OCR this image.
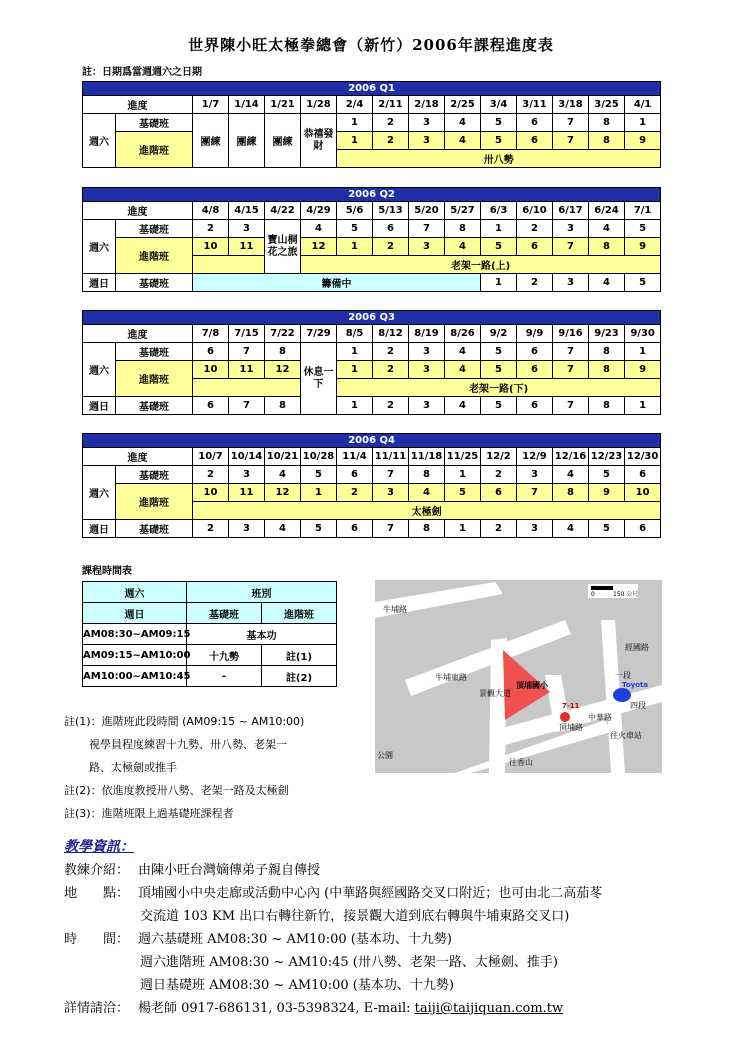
世界陳小旺太極拳總會（新竹）2006年課程進度表
註：日期爲當週週六之日期
2006 Q1														
進度		1/7	1/14	1/21	1/28	2/4	2/11	2/18	2/25	3/4	3/11	3/18	3/25	4/1
週六	基礎班	團練	團練	團練	恭禧發財	1	2	3	4	5	6	7	8	1
	進階班					1	2	3	4	5	6	7	8	9
						卅八勢								
2006 Q2														
進度		4/8	4/15	4/22	4/29	5/6	5/13	5/20	5/27	6/3	6/10	6/17	6/24	7/1
週六	基礎班	2	3	寶山桐花之旅	4	5	6	7	8	1	2	3	4	5
	進階班	10	11		12	1	2	3	4	5	6	7	8	9
					老架一路(上)									
週日	基礎班	籌備中								1	2	3	4	5
2006 Q3														
進度		7/8	7/15	7/22	7/29	8/5	8/12	8/19	8/26	9/2	9/9	9/16	9/23	9/30
週六	基礎班	6	7	8	休息一下	1	2	3	4	5	6	7	8	1
	進階班	10	11	12		1	2	3	4	5	6	7	8	9
						老架一路(下)								
週日	基礎班	6	7	8		1	2	3	4	5	6	7	8	1
2006 Q4														
進度		10/7	10/14	10/21	10/28	11/4	11/11	11/18	11/25	12/2	12/9	12/16	12/23	12/30
週六	基礎班	2	3	4	5	6	7	8	1	2	3	4	5	6
	進階班	10	11	12	1	2	3	4	5	6	7	8	9	10
		太極劍												
週日	基礎班	2	3	4	5	6	7	8	1	2	3	4	5	6
課程時間表
週六	班別	
週日	基礎班	進階班
AM08:30~AM09:15	基本功	
AM09:15~AM10:00	十九勢	註(1)
AM10:00~AM10:45	-	註(2)
註(1)：進階班此段時間 (AM09:15 ~ AM10:00)
視學員程度練習十九勢、卅八勢、老架一
路、太極劍或推手
註(2)：依進度教授卅八勢、老架一路及太極劍
註(3)：進階班限上過基礎班課程者
頂埔國小
7-11
Toyota
0	150 公尺
牛埔路
牛埔東路
景觀大道
經國路
中華路
頂埔路
一段
四段
往火車站
往香山
公園
教學資訊：
教練介紹： 由陳小旺台灣嫡傳弟子親自傳授
地　　點： 頂埔國小中央走廊或活動中心內 (中華路與經國路交叉口附近；也可由北二高茄苳
交流道 103 KM 出口右轉往新竹，接景觀大道到底右轉與牛埔東路交叉口)
時　　間： 週六基礎班 AM08:30 ~ AM10:00 (基本功、十九勢)
週六進階班 AM08:30 ~ AM10:45 (卅八勢、老架一路、太極劍、推手)
週日基礎班 AM08:30 ~ AM10:00 (基本功、十九勢)
詳情請洽： 楊老師 0917-686131, 03-5398324, E-mail: taiji@taijiquan.com.tw
